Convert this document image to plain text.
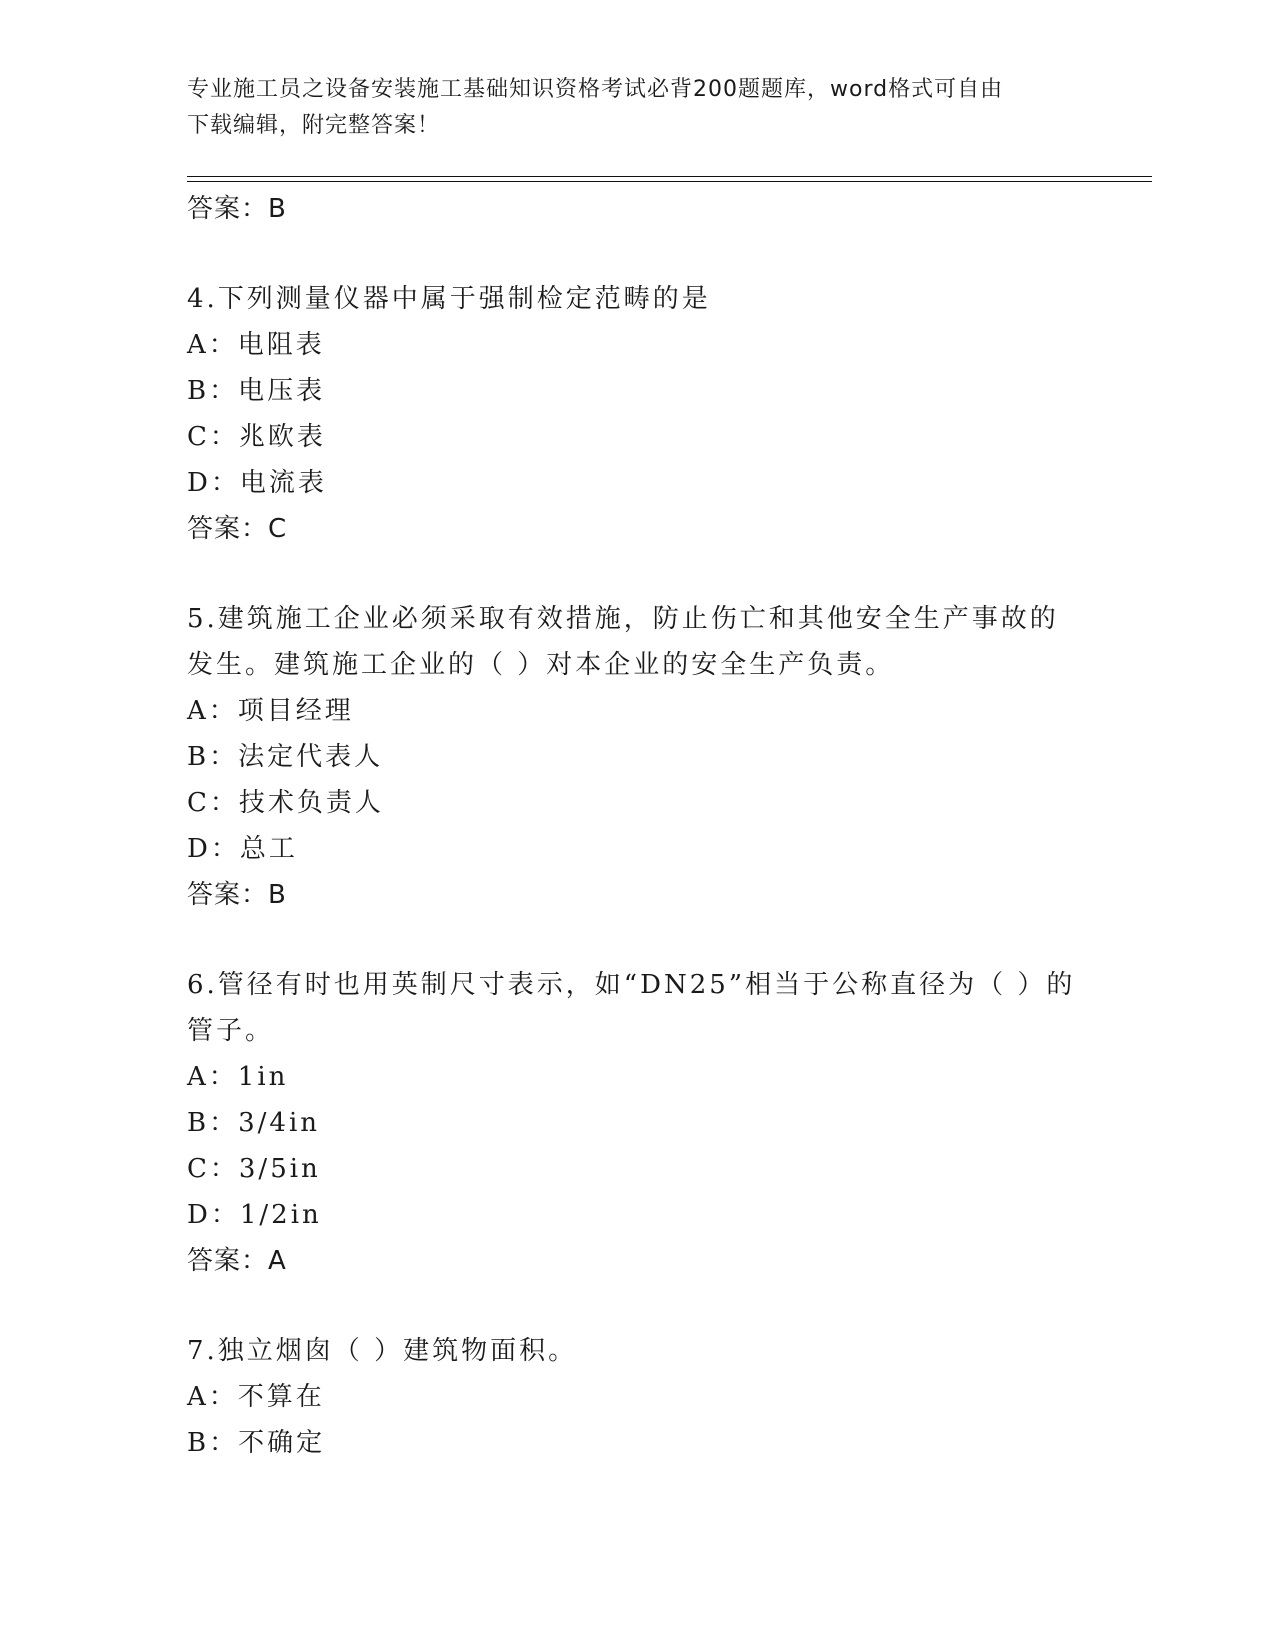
专业施工员之设备安装施工基础知识资格考试必背200题题库，word格式可自由
下载编辑，附完整答案！
答案：B
4.下列测量仪器中属于强制检定范畴的是
A：电阻表
B：电压表
C：兆欧表
D：电流表
答案：C
5.建筑施工企业必须采取有效措施，防止伤亡和其他安全生产事故的
发生。建筑施工企业的（ ）对本企业的安全生产负责。
A：项目经理
B：法定代表人
C：技术负责人
D：总工
答案：B
6.管径有时也用英制尺寸表示，如“DN25”相当于公称直径为（ ）的
管子。
A：1in
B：3/4in
C：3/5in
D：1/2in
答案：A
7.独立烟囱（ ）建筑物面积。
A：不算在
B：不确定
